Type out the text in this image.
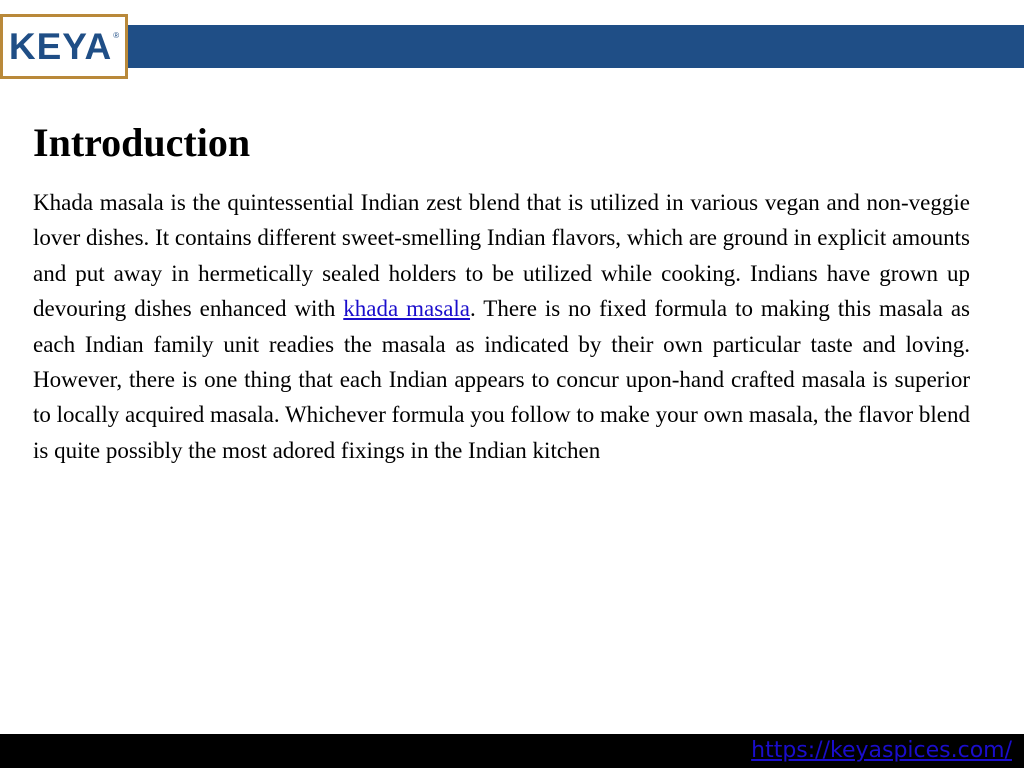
KEYA ®
Introduction

Khada masala is the quintessential Indian zest blend that is utilized in various vegan and non-veggie lover dishes. It contains different sweet-smelling Indian flavors, which are ground in explicit amounts and put away in hermetically sealed holders to be utilized while cooking. Indians have grown up devouring dishes enhanced with khada masala. There is no fixed formula to making this masala as each Indian family unit readies the masala as indicated by their own particular taste and loving. However, there is one thing that each Indian appears to concur upon-hand crafted masala is superior to locally acquired masala. Whichever formula you follow to make your own masala, the flavor blend is quite possibly the most adored fixings in the Indian kitchen

https://keyaspices.com/
